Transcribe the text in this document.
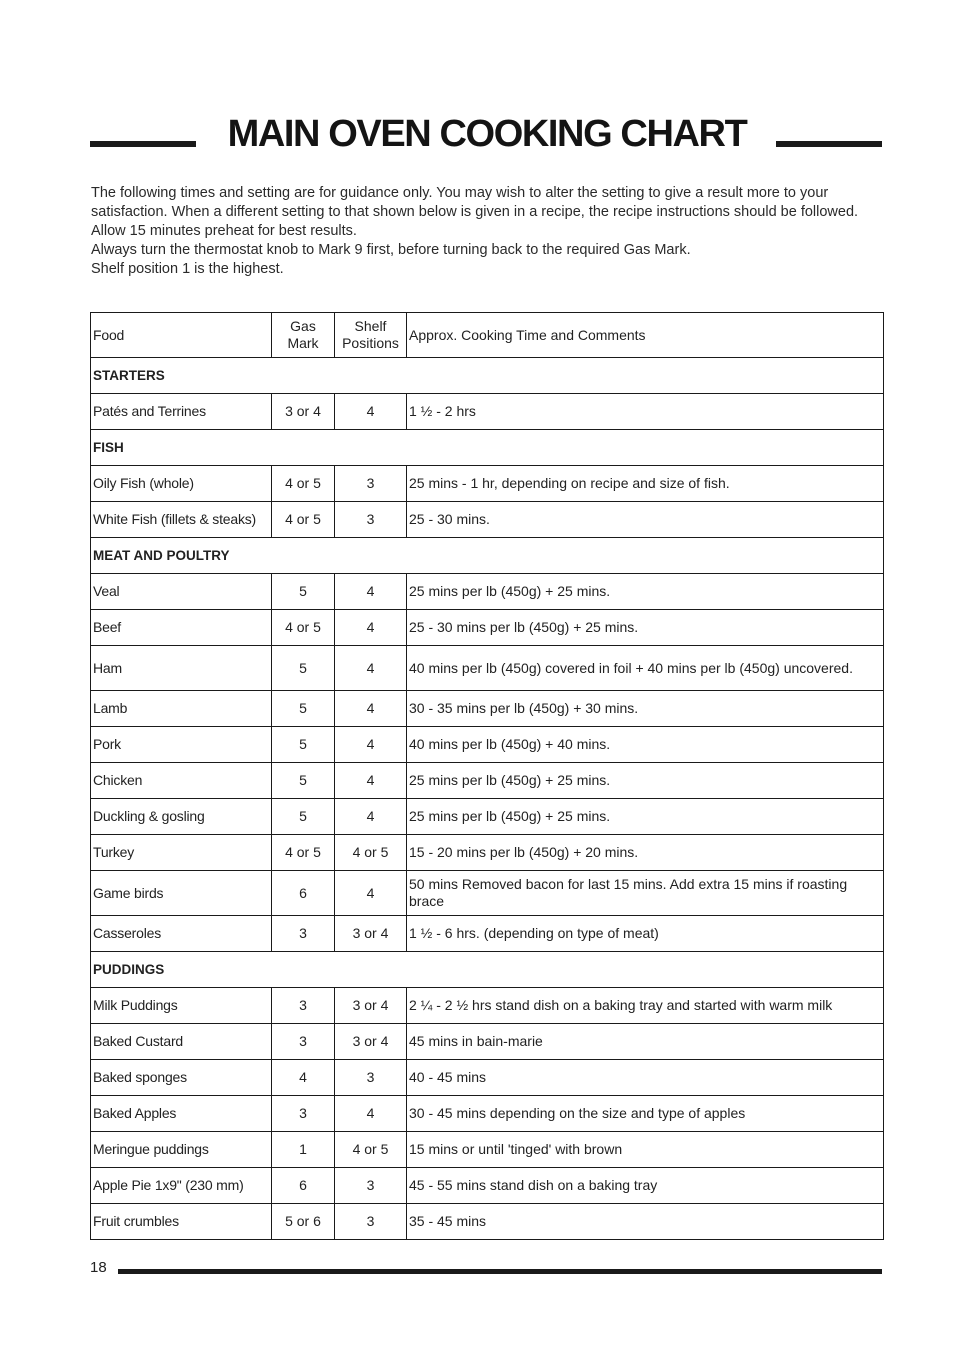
MAIN OVEN COOKING CHART

The following times and setting are for guidance only. You may wish to alter the setting to give a result more to your satisfaction. When a different setting to that shown below is given in a recipe, the recipe instructions should be followed. Allow 15 minutes preheat for best results.

Always turn the thermostat knob to Mark 9 first, before turning back to the required Gas Mark.

Shelf position 1 is the highest.

Food	Gas Mark	Shelf Positions	Approx. Cooking Time and Comments
STARTERS			
Patés and Terrines	3 or 4	4	1 ½ - 2 hrs
FISH			
Oily Fish (whole)	4 or 5	3	25 mins - 1 hr, depending on recipe and size of fish.
White Fish (fillets & steaks)	4 or 5	3	25 - 30 mins.
MEAT AND POULTRY			
Veal	5	4	25 mins per lb (450g) + 25 mins.
Beef	4 or 5	4	25 - 30 mins per lb (450g) + 25 mins.
Ham	5	4	40 mins per lb (450g) covered in foil + 40 mins per lb (450g) uncovered.
Lamb	5	4	30 - 35 mins per lb (450g) + 30 mins.
Pork	5	4	40 mins per lb (450g) + 40 mins.
Chicken	5	4	25 mins per lb (450g) + 25 mins.
Duckling & gosling	5	4	25 mins per lb (450g) + 25 mins.
Turkey	4 or 5	4 or 5	15 - 20 mins per lb (450g) + 20 mins.
Game birds	6	4	50 mins Removed bacon for last 15 mins. Add extra 15 mins if roasting brace
Casseroles	3	3 or 4	1 ½ - 6 hrs. (depending on type of meat)
PUDDINGS			
Milk Puddings	3	3 or 4	2 ¼ - 2 ½ hrs stand dish on a baking tray and started with warm milk
Baked Custard	3	3 or 4	45 mins in bain-marie
Baked sponges	4	3	40 - 45 mins
Baked Apples	3	4	30 - 45 mins depending on the size and type of apples
Meringue puddings	1	4 or 5	15 mins or until 'tinged' with brown
Apple Pie 1x9" (230 mm)	6	3	45 - 55 mins stand dish on a baking tray
Fruit crumbles	5 or 6	3	35 - 45 mins
18
